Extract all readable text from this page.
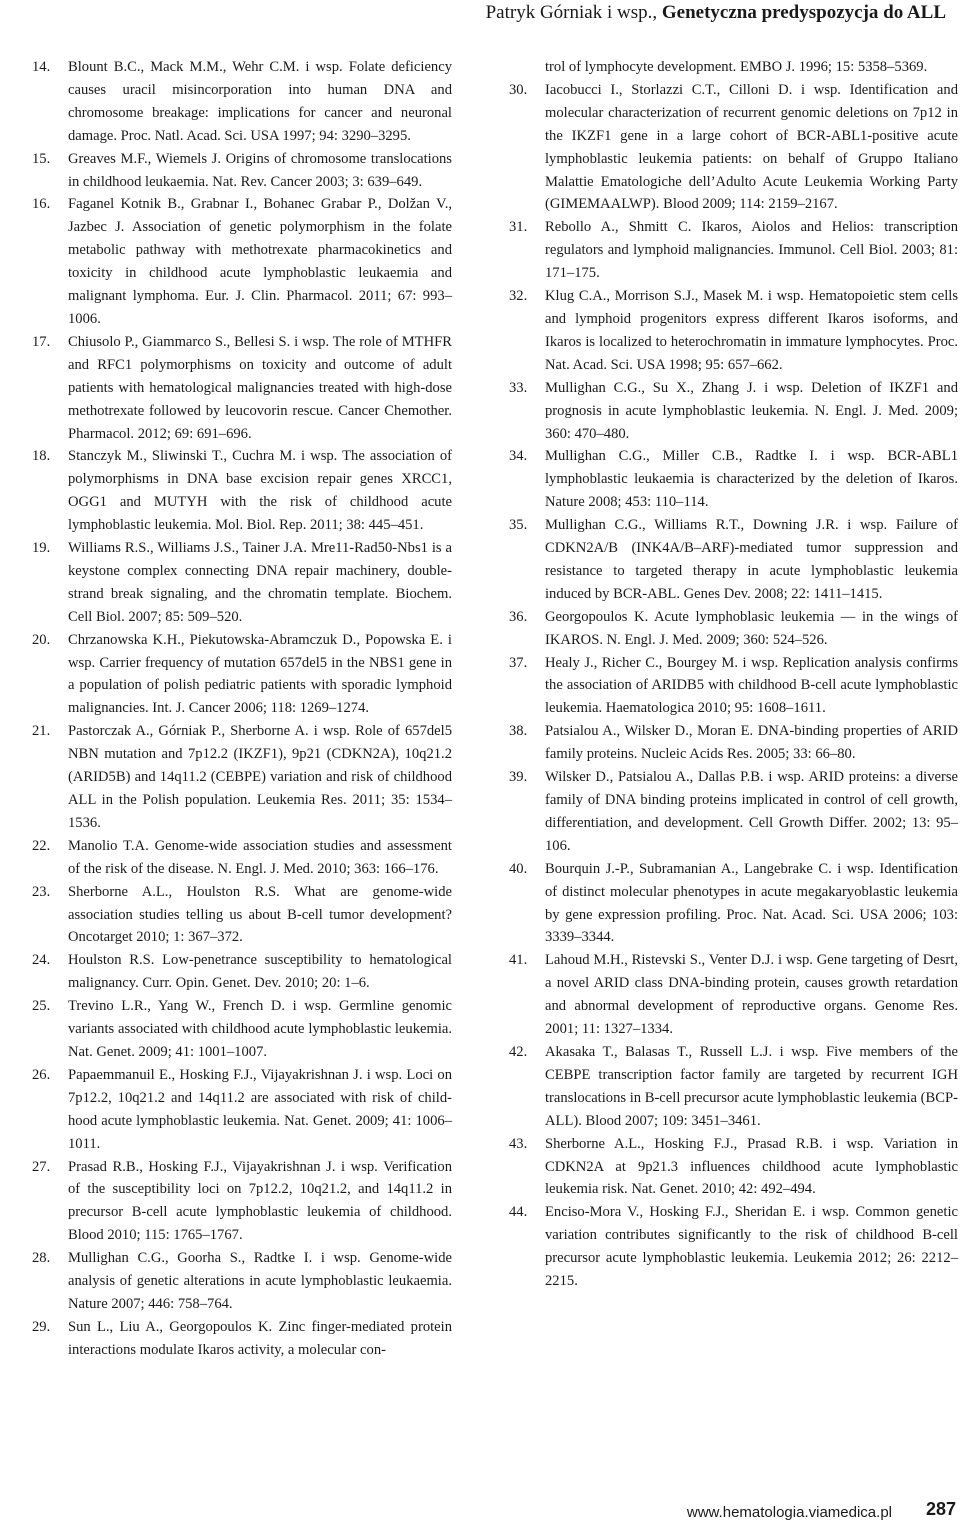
Patryk Górniak i wsp., Genetyczna predyspozycja do ALL
14. Blount B.C., Mack M.M., Wehr C.M. i wsp. Folate deficiency causes uracil misincorporation into human DNA and chromosome breakage: implications for cancer and neuronal damage. Proc. Natl. Acad. Sci. USA 1997; 94: 3290–3295.
15. Greaves M.F., Wiemels J. Origins of chromosome translocations in childhood leukaemia. Nat. Rev. Cancer 2003; 3: 639–649.
16. Faganel Kotnik B., Grabnar I., Bohanec Grabar P., Dolžan V., Jazbec J. Association of genetic polymorphism in the folate metabolic pathway with methotrexate pharmacokinetics and toxicity in childhood acute lymphoblastic leukaemia and malignant lymphoma. Eur. J. Clin. Pharmacol. 2011; 67: 993–1006.
17. Chiusolo P., Giammarco S., Bellesi S. i wsp. The role of MTHFR and RFC1 polymorphisms on toxicity and outcome of adult patients with hematological malignancies treated with high-dose methotrexate followed by leucovorin rescue. Cancer Chemother. Pharmacol. 2012; 69: 691–696.
18. Stanczyk M., Sliwinski T., Cuchra M. i wsp. The association of polymorphisms in DNA base excision repair genes XRCC1, OGG1 and MUTYH with the risk of childhood acute lymphoblastic leukemia. Mol. Biol. Rep. 2011; 38: 445–451.
19. Williams R.S., Williams J.S., Tainer J.A. Mre11-Rad50-Nbs1 is a keystone complex connecting DNA repair machinery, double-strand break signaling, and the chromatin template. Biochem. Cell Biol. 2007; 85: 509–520.
20. Chrzanowska K.H., Piekutowska-Abramczuk D., Popowska E. i wsp. Carrier frequency of mutation 657del5 in the NBS1 gene in a population of polish pediatric patients with sporadic lymphoid malignancies. Int. J. Cancer 2006; 118: 1269–1274.
21. Pastorczak A., Górniak P., Sherborne A. i wsp. Role of 657del5 NBN mutation and 7p12.2 (IKZF1), 9p21 (CDKN2A), 10q21.2 (ARID5B) and 14q11.2 (CEBPE) variation and risk of childhood ALL in the Polish population. Leukemia Res. 2011; 35: 1534–1536.
22. Manolio T.A. Genome-wide association studies and assessment of the risk of the disease. N. Engl. J. Med. 2010; 363: 166–176.
23. Sherborne A.L., Houlston R.S. What are genome-wide association studies telling us about B-cell tumor development? Oncotarget 2010; 1: 367–372.
24. Houlston R.S. Low-penetrance susceptibility to hematological malignancy. Curr. Opin. Genet. Dev. 2010; 20: 1–6.
25. Trevino L.R., Yang W., French D. i wsp. Germline genomic variants associated with childhood acute lymphoblastic leukemia. Nat. Genet. 2009; 41: 1001–1007.
26. Papaemmanuil E., Hosking F.J., Vijayakrishnan J. i wsp. Loci on 7p12.2, 10q21.2 and 14q11.2 are associated with risk of child-hood acute lymphoblastic leukemia. Nat. Genet. 2009; 41: 1006–1011.
27. Prasad R.B., Hosking F.J., Vijayakrishnan J. i wsp. Verification of the susceptibility loci on 7p12.2, 10q21.2, and 14q11.2 in precursor B-cell acute lymphoblastic leukemia of childhood. Blood 2010; 115: 1765–1767.
28. Mullighan C.G., Goorha S., Radtke I. i wsp. Genome-wide analysis of genetic alterations in acute lymphoblastic leukaemia. Nature 2007; 446: 758–764.
29. Sun L., Liu A., Georgopoulos K. Zinc finger-mediated protein interactions modulate Ikaros activity, a molecular con-
trol of lymphocyte development. EMBO J. 1996; 15: 5358–5369.
30. Iacobucci I., Storlazzi C.T., Cilloni D. i wsp. Identification and molecular characterization of recurrent genomic deletions on 7p12 in the IKZF1 gene in a large cohort of BCR-ABL1-positive acute lymphoblastic leukemia patients: on behalf of Gruppo Italiano Malattie Ematologiche dell’Adulto Acute Leukemia Working Party (GIMEMAALWP). Blood 2009; 114: 2159–2167.
31. Rebollo A., Shmitt C. Ikaros, Aiolos and Helios: transcription regulators and lymphoid malignancies. Immunol. Cell Biol. 2003; 81: 171–175.
32. Klug C.A., Morrison S.J., Masek M. i wsp. Hematopoietic stem cells and lymphoid progenitors express different Ikaros isoforms, and Ikaros is localized to heterochromatin in immature lymphocytes. Proc. Nat. Acad. Sci. USA 1998; 95: 657–662.
33. Mullighan C.G., Su X., Zhang J. i wsp. Deletion of IKZF1 and prognosis in acute lymphoblastic leukemia. N. Engl. J. Med. 2009; 360: 470–480.
34. Mullighan C.G., Miller C.B., Radtke I. i wsp. BCR-ABL1 lymphoblastic leukaemia is characterized by the deletion of Ikaros. Nature 2008; 453: 110–114.
35. Mullighan C.G., Williams R.T., Downing J.R. i wsp. Failure of CDKN2A/B (INK4A/B–ARF)-mediated tumor suppression and resistance to targeted therapy in acute lymphoblastic leukemia induced by BCR-ABL. Genes Dev. 2008; 22: 1411–1415.
36. Georgopoulos K. Acute lymphoblasic leukemia — in the wings of IKAROS. N. Engl. J. Med. 2009; 360: 524–526.
37. Healy J., Richer C., Bourgey M. i wsp. Replication analysis confirms the association of ARIDB5 with childhood B-cell acute lymphoblastic leukemia. Haematologica 2010; 95: 1608–1611.
38. Patsialou A., Wilsker D., Moran E. DNA-binding properties of ARID family proteins. Nucleic Acids Res. 2005; 33: 66–80.
39. Wilsker D., Patsialou A., Dallas P.B. i wsp. ARID proteins: a diverse family of DNA binding proteins implicated in control of cell growth, differentiation, and development. Cell Growth Differ. 2002; 13: 95–106.
40. Bourquin J.-P., Subramanian A., Langebrake C. i wsp. Identification of distinct molecular phenotypes in acute megakaryoblastic leukemia by gene expression profiling. Proc. Nat. Acad. Sci. USA 2006; 103: 3339–3344.
41. Lahoud M.H., Ristevski S., Venter D.J. i wsp. Gene targeting of Desrt, a novel ARID class DNA-binding protein, causes growth retardation and abnormal development of reproductive organs. Genome Res. 2001; 11: 1327–1334.
42. Akasaka T., Balasas T., Russell L.J. i wsp. Five members of the CEBPE transcription factor family are targeted by recurrent IGH translocations in B-cell precursor acute lymphoblastic leukemia (BCP-ALL). Blood 2007; 109: 3451–3461.
43. Sherborne A.L., Hosking F.J., Prasad R.B. i wsp. Variation in CDKN2A at 9p21.3 influences childhood acute lymphoblastic leukemia risk. Nat. Genet. 2010; 42: 492–494.
44. Enciso-Mora V., Hosking F.J., Sheridan E. i wsp. Common genetic variation contributes significantly to the risk of childhood B-cell precursor acute lymphoblastic leukemia. Leukemia 2012; 26: 2212–2215.
www.hematologia.viamedica.pl 287
